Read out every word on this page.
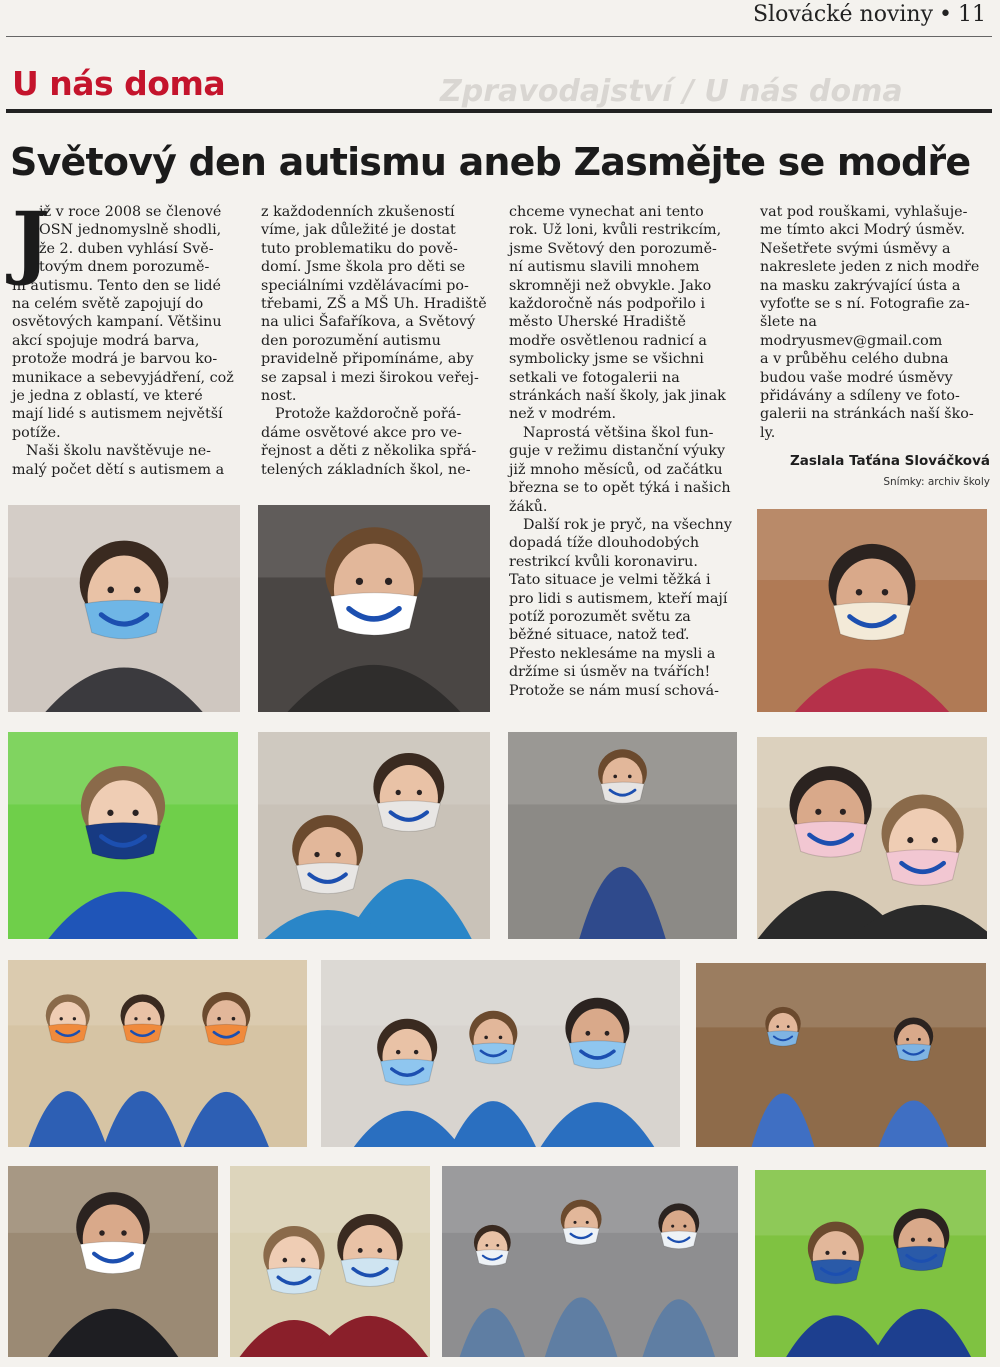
Slovácké noviny • 11
Zpravodajství / U nás doma
U nás doma
Světový den autismu aneb Zasmějte se modře
J
iž v roce 2008 se členové
OSN jednomyslně shodli,
že 2. duben vyhlásí Svě-
tovým dnem porozumě-
ní autismu. Tento den se lidé
na celém světě zapojují do
osvětových kampaní. Většinu
akcí spojuje modrá barva,
protože modrá je barvou ko-
munikace a sebevyjádření, což
je jedna z oblastí, ve které
mají lidé s autismem největší
potíže.
Naši školu navštěvuje ne-
malý počet dětí s autismem a
z každodenních zkušeností
víme, jak důležité je dostat
tuto problematiku do pově-
domí. Jsme škola pro děti se
speciálními vzdělávacími po-
třebami, ZŠ a MŠ Uh. Hradiště
na ulici Šafaříkova, a Světový
den porozumění autismu
pravidelně připomínáme, aby
se zapsal i mezi širokou veřej-
nost.
Protože každoročně pořá-
dáme osvětové akce pro ve-
řejnost a děti z několika spřá-
telených základních škol, ne-
chceme vynechat ani tento
rok. Už loni, kvůli restrikcím,
jsme Světový den porozumě-
ní autismu slavili mnohem
skromněji než obvykle. Jako
každoročně nás podpořilo i
město Uherské Hradiště
modře osvětlenou radnicí a
symbolicky jsme se všichni
setkali ve fotogalerii na
stránkách naší školy, jak jinak
než v modrém.
Naprostá většina škol fun-
guje v režimu distanční výuky
již mnoho měsíců, od začátku
března se to opět týká i našich
žáků.
Další rok je pryč, na všechny
dopadá tíže dlouhodobých
restrikcí kvůli koronaviru.
Tato situace je velmi těžká i
pro lidi s autismem, kteří mají
potíž porozumět světu za
běžné situace, natož teď.
Přesto neklesáme na mysli a
držíme si úsměv na tvářích!
Protože se nám musí schová-
vat pod rouškami, vyhlašuje-
me tímto akci Modrý úsměv.
Nešetřete svými úsměvy a
nakreslete jeden z nich modře
na masku zakrývající ústa a
vyfoťte se s ní. Fotografie za-
šlete na
modryusmev@gmail.com
a v průběhu celého dubna
budou vaše modré úsměvy
přidávány a sdíleny ve foto-
galerii na stránkách naší ško-
ly.
Zaslala Taťána Slováčková
Snímky: archiv školy
